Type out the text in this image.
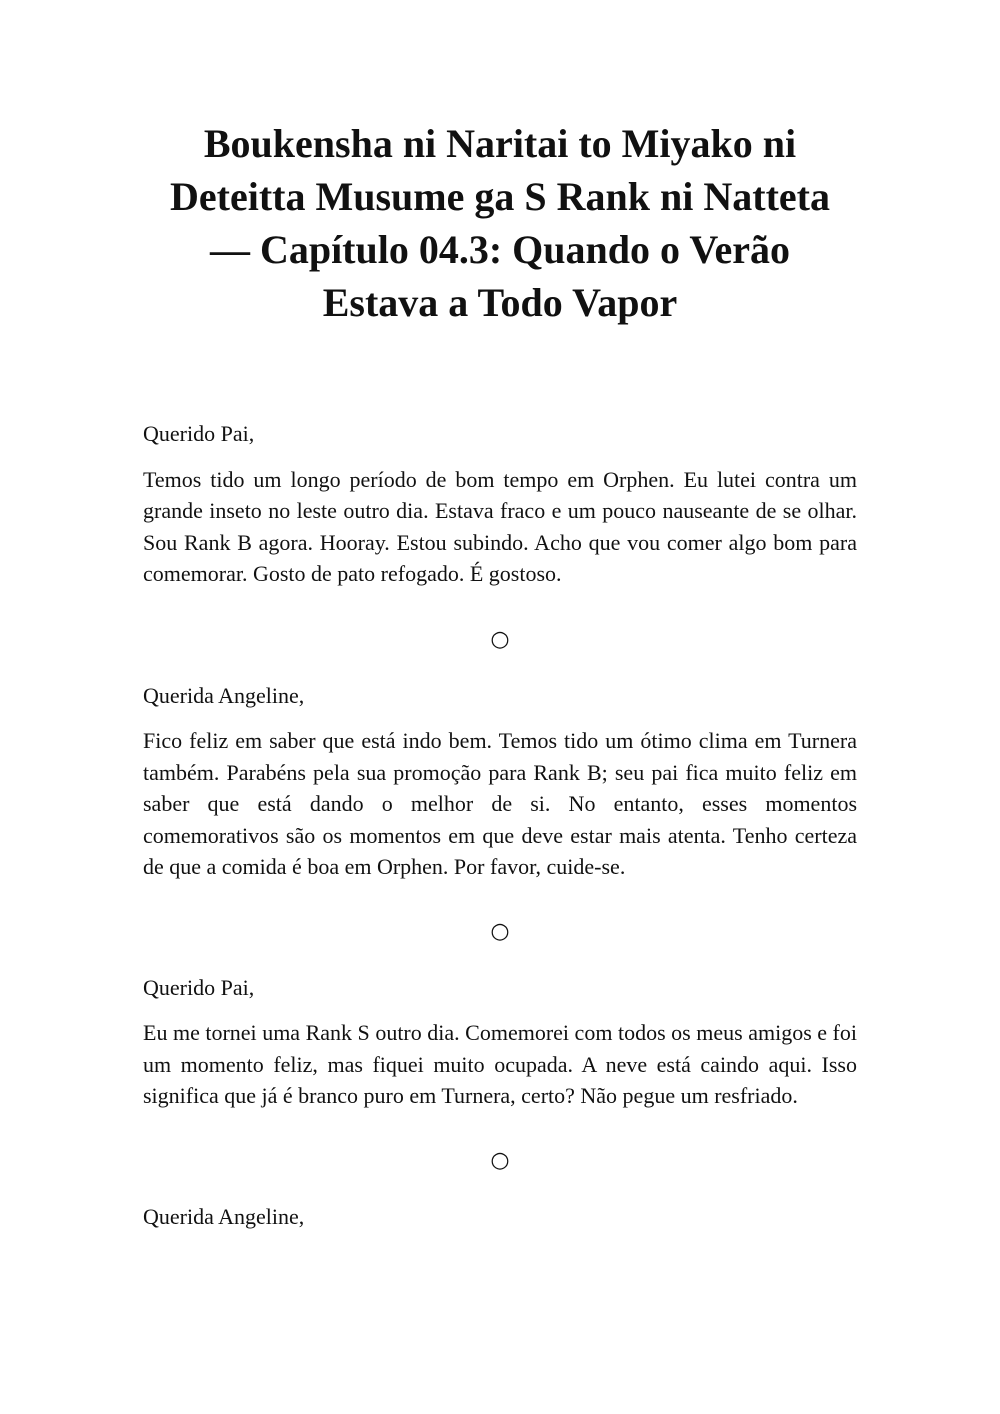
Boukensha ni Naritai to Miyako ni
Deteitta Musume ga S Rank ni Natteta
— Capítulo 04.3: Quando o Verão
Estava a Todo Vapor

Querido Pai,

Temos tido um longo período de bom tempo em Orphen. Eu lutei contra um grande inseto no leste outro dia. Estava fraco e um pouco nauseante de se olhar. Sou Rank B agora. Hooray. Estou subindo. Acho que vou comer algo bom para comemorar. Gosto de pato refogado. É gostoso.

○

Querida Angeline,

Fico feliz em saber que está indo bem. Temos tido um ótimo clima em Turnera também. Parabéns pela sua promoção para Rank B; seu pai fica muito feliz em saber que está dando o melhor de si. No entanto, esses momentos comemorativos são os momentos em que deve estar mais atenta. Tenho certeza de que a comida é boa em Orphen. Por favor, cuide-se.

○

Querido Pai,

Eu me tornei uma Rank S outro dia. Comemorei com todos os meus amigos e foi um momento feliz, mas fiquei muito ocupada. A neve está caindo aqui. Isso significa que já é branco puro em Turnera, certo? Não pegue um resfriado.

○

Querida Angeline,
